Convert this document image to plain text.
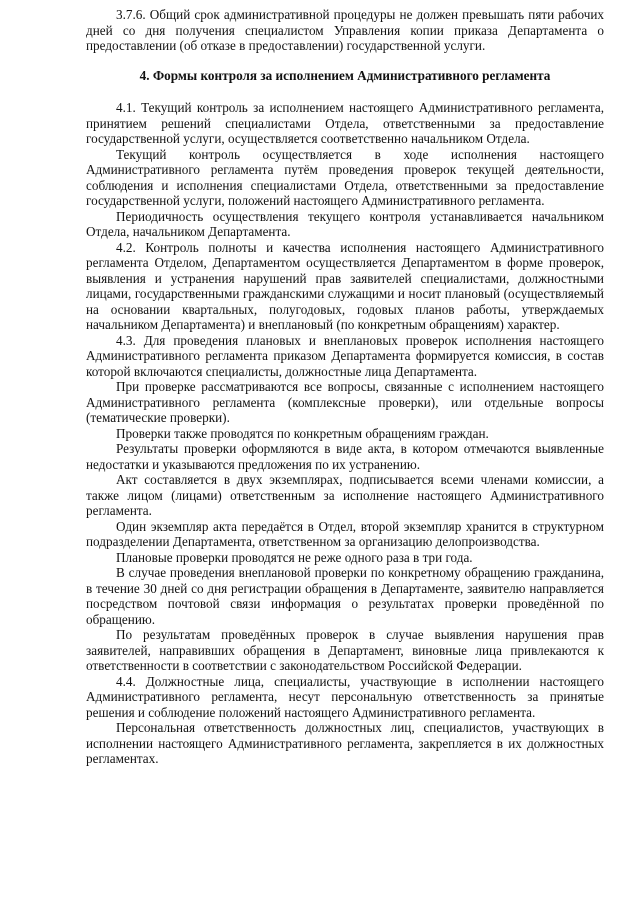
3.7.6. Общий срок административной процедуры не должен превышать пяти рабочих дней со дня получения специалистом Управления копии приказа Департамента о предоставлении (об отказе в предоставлении) государственной услуги.

4. Формы контроля за исполнением Административного регламента

4.1. Текущий контроль за исполнением настоящего Административного регламента, принятием решений специалистами Отдела, ответственными за предоставление государственной услуги, осуществляется соответственно начальником Отдела.

Текущий контроль осуществляется в ходе исполнения настоящего Административного регламента путём проведения проверок текущей деятельности, соблюдения и исполнения специалистами Отдела, ответственными за предоставление государственной услуги, положений настоящего Административного регламента.

Периодичность осуществления текущего контроля устанавливается начальником Отдела, начальником Департамента.

4.2. Контроль полноты и качества исполнения настоящего Административного регламента Отделом, Департаментом осуществляется Департаментом в форме проверок, выявления и устранения нарушений прав заявителей специалистами, должностными лицами, государственными гражданскими служащими и носит плановый (осуществляемый на основании квартальных, полугодовых, годовых планов работы, утверждаемых начальником Департамента) и внеплановый (по конкретным обращениям) характер.

4.3. Для проведения плановых и внеплановых проверок исполнения настоящего Административного регламента приказом Департамента формируется комиссия, в состав которой включаются специалисты, должностные лица Департамента.

При проверке рассматриваются все вопросы, связанные с исполнением настоящего Административного регламента (комплексные проверки), или отдельные вопросы (тематические проверки).

Проверки также проводятся по конкретным обращениям граждан.

Результаты проверки оформляются в виде акта, в котором отмечаются выявленные недостатки и указываются предложения по их устранению.

Акт составляется в двух экземплярах, подписывается всеми членами комиссии, а также лицом (лицами) ответственным за исполнение настоящего Административного регламента.

Один экземпляр акта передаётся в Отдел, второй экземпляр хранится в структурном подразделении Департамента, ответственном за организацию делопроизводства.

Плановые проверки проводятся не реже одного раза в три года.

В случае проведения внеплановой проверки по конкретному обращению гражданина, в течение 30 дней со дня регистрации обращения в Департаменте, заявителю направляется посредством почтовой связи информация о результатах проверки проведённой по обращению.

По результатам проведённых проверок в случае выявления нарушения прав заявителей, направивших обращения в Департамент, виновные лица привлекаются к ответственности в соответствии с законодательством Российской Федерации.

4.4. Должностные лица, специалисты, участвующие в исполнении настоящего Административного регламента, несут персональную ответственность за принятые решения и соблюдение положений настоящего Административного регламента.

Персональная ответственность должностных лиц, специалистов, участвующих в исполнении настоящего Административного регламента, закрепляется в их должностных регламентах.
